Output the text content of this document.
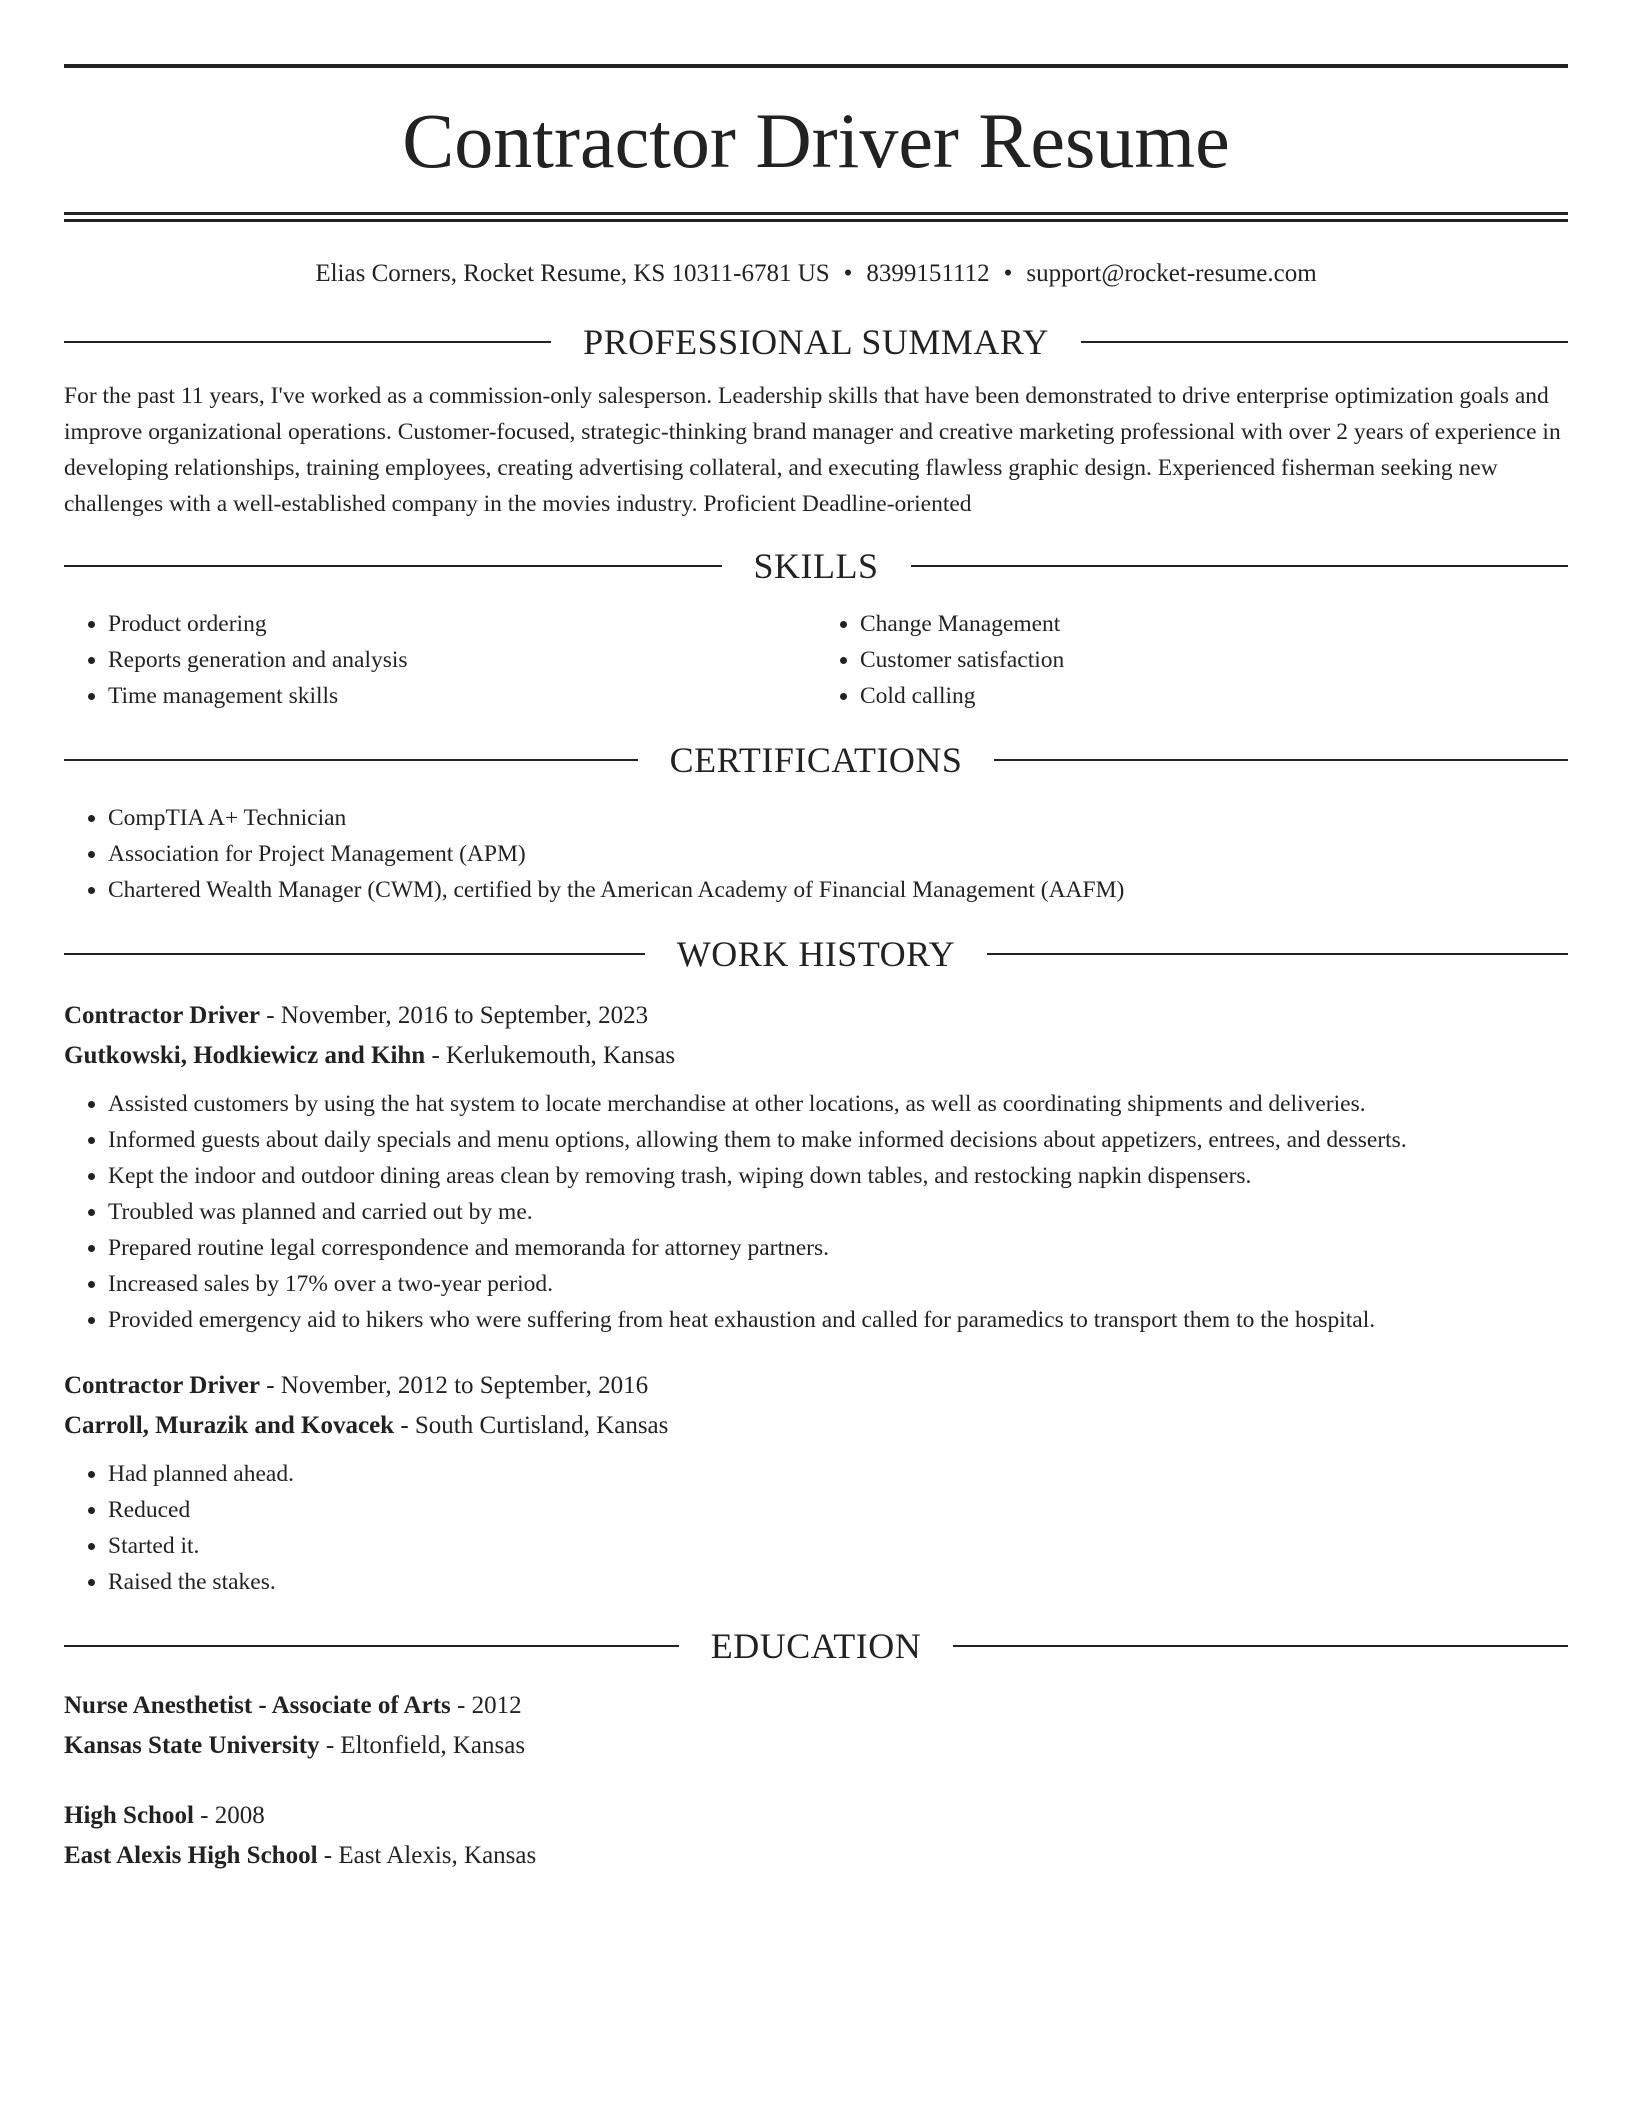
Contractor Driver Resume
Elias Corners, Rocket Resume, KS 10311-6781 US • 8399151112 • support@rocket-resume.com
PROFESSIONAL SUMMARY

For the past 11 years, I've worked as a commission-only salesperson. Leadership skills that have been demonstrated to drive enterprise optimization goals and improve organizational operations. Customer-focused, strategic-thinking brand manager and creative marketing professional with over 2 years of experience in developing relationships, training employees, creating advertising collateral, and executing flawless graphic design. Experienced fisherman seeking new challenges with a well-established company in the movies industry. Proficient Deadline-oriented

SKILLS
• Product ordering
• Reports generation and analysis
• Time management skills
• Change Management
• Customer satisfaction
• Cold calling
CERTIFICATIONS
• CompTIA A+ Technician
• Association for Project Management (APM)
• Chartered Wealth Manager (CWM), certified by the American Academy of Financial Management (AAFM)
WORK HISTORY
Contractor Driver - November, 2016 to September, 2023
Gutkowski, Hodkiewicz and Kihn - Kerlukemouth, Kansas
• Assisted customers by using the hat system to locate merchandise at other locations, as well as coordinating shipments and deliveries.
• Informed guests about daily specials and menu options, allowing them to make informed decisions about appetizers, entrees, and desserts.
• Kept the indoor and outdoor dining areas clean by removing trash, wiping down tables, and restocking napkin dispensers.
• Troubled was planned and carried out by me.
• Prepared routine legal correspondence and memoranda for attorney partners.
• Increased sales by 17% over a two-year period.
• Provided emergency aid to hikers who were suffering from heat exhaustion and called for paramedics to transport them to the hospital.
Contractor Driver - November, 2012 to September, 2016
Carroll, Murazik and Kovacek - South Curtisland, Kansas
• Had planned ahead.
• Reduced
• Started it.
• Raised the stakes.
EDUCATION
Nurse Anesthetist - Associate of Arts - 2012
Kansas State University - Eltonfield, Kansas
High School - 2008
East Alexis High School - East Alexis, Kansas
